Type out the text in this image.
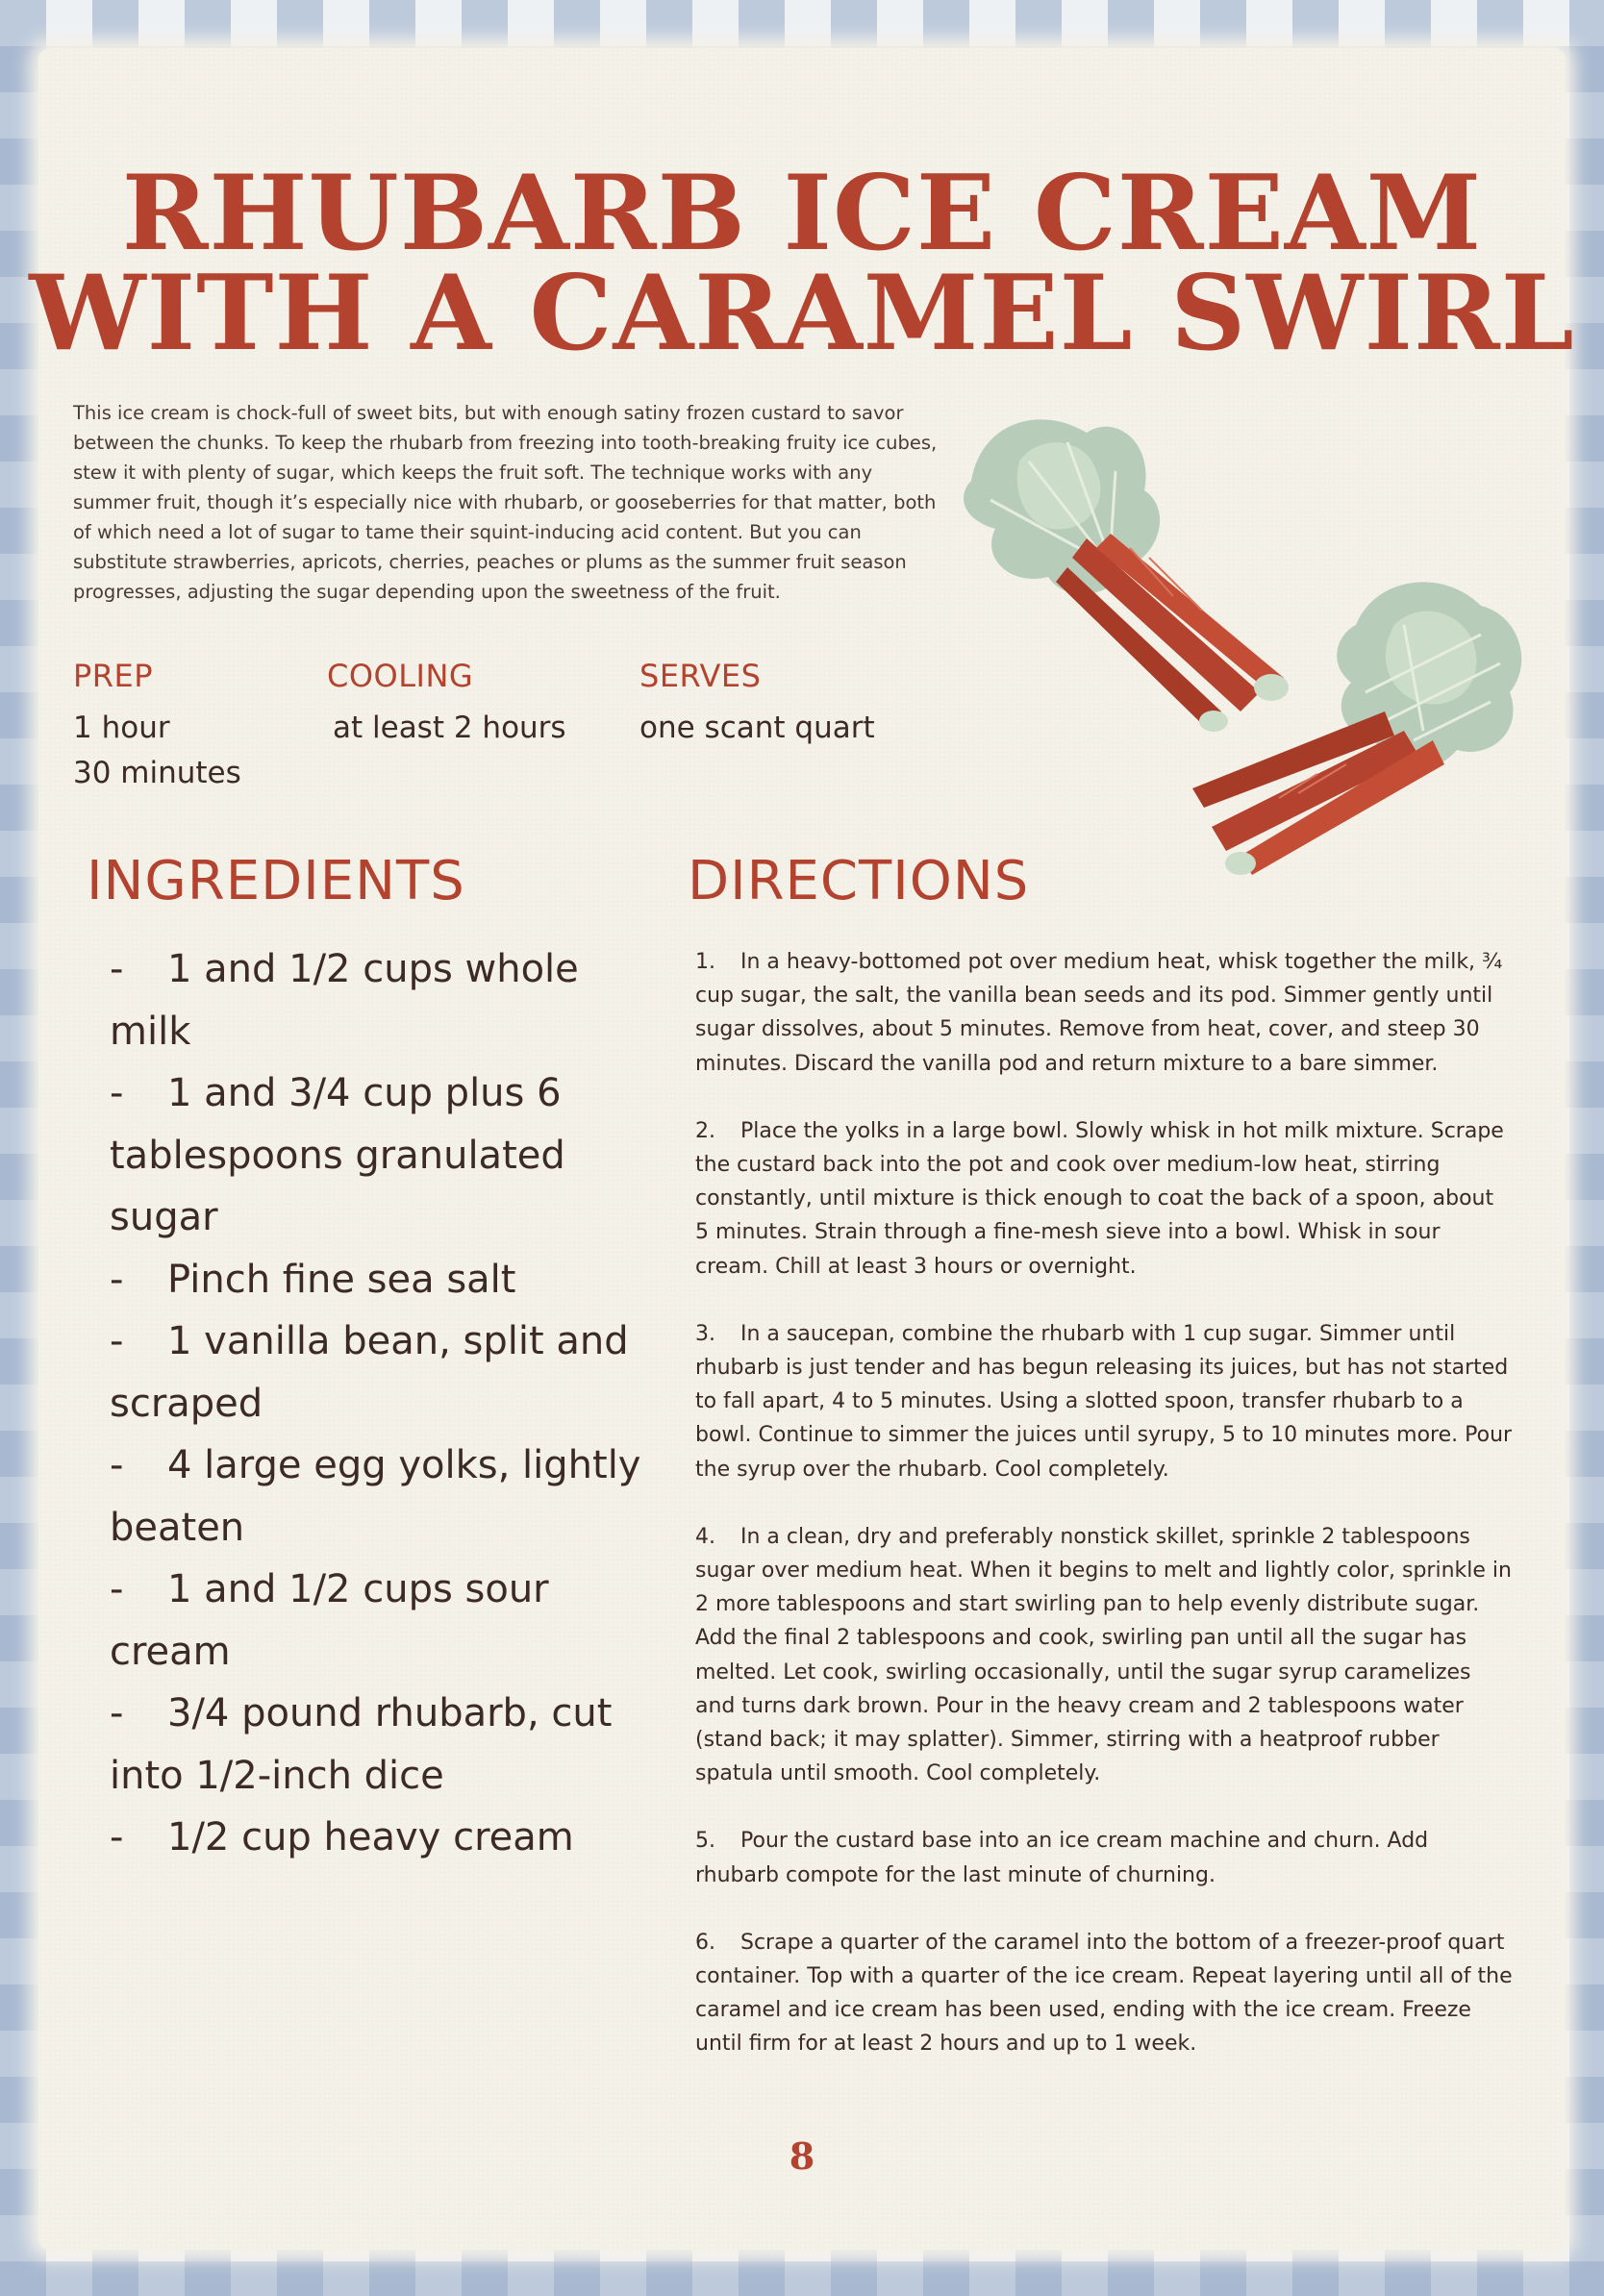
RHUBARB ICE CREAM
WITH A CARAMEL SWIRL

This ice cream is chock-full of sweet bits, but with enough satiny frozen custard to savor between the chunks. To keep the rhubarb from freezing into tooth-breaking fruity ice cubes, stew it with plenty of sugar, which keeps the fruit soft. The technique works with any summer fruit, though it’s especially nice with rhubarb, or gooseberries for that matter, both of which need a lot of sugar to tame their squint-inducing acid content. But you can substitute strawberries, apricots, cherries, peaches or plums as the summer fruit season progresses, adjusting the sugar depending upon the sweetness of the fruit.

PREP

1 hour
30 minutes

COOLING

at least 2 hours

SERVES

one scant quart
INGREDIENTS
- 1 and 1/2 cups whole milk
- 1 and 3/4 cup plus 6 tablespoons granulated sugar
- Pinch fine sea salt
- 1 vanilla bean, split and scraped
- 4 large egg yolks, lightly beaten
- 1 and 1/2 cups sour cream
- 3/4 pound rhubarb, cut into 1/2-inch dice
- 1/2 cup heavy cream
DIRECTIONS

1. In a heavy-bottomed pot over medium heat, whisk together the milk, ¾ cup sugar, the salt, the vanilla bean seeds and its pod. Simmer gently until sugar dissolves, about 5 minutes. Remove from heat, cover, and steep 30 minutes. Discard the vanilla pod and return mixture to a bare simmer.

2. Place the yolks in a large bowl. Slowly whisk in hot milk mixture. Scrape the custard back into the pot and cook over medium-low heat, stirring constantly, until mixture is thick enough to coat the back of a spoon, about 5 minutes. Strain through a fine-mesh sieve into a bowl. Whisk in sour cream. Chill at least 3 hours or overnight.

3. In a saucepan, combine the rhubarb with 1 cup sugar. Simmer until rhubarb is just tender and has begun releasing its juices, but has not started to fall apart, 4 to 5 minutes. Using a slotted spoon, transfer rhubarb to a bowl. Continue to simmer the juices until syrupy, 5 to 10 minutes more. Pour the syrup over the rhubarb. Cool completely.

4. In a clean, dry and preferably nonstick skillet, sprinkle 2 tablespoons sugar over medium heat. When it begins to melt and lightly color, sprinkle in 2 more tablespoons and start swirling pan to help evenly distribute sugar. Add the final 2 tablespoons and cook, swirling pan until all the sugar has melted. Let cook, swirling occasionally, until the sugar syrup caramelizes and turns dark brown. Pour in the heavy cream and 2 tablespoons water (stand back; it may splatter). Simmer, stirring with a heatproof rubber spatula until smooth. Cool completely.

5. Pour the custard base into an ice cream machine and churn. Add rhubarb compote for the last minute of churning.

6. Scrape a quarter of the caramel into the bottom of a freezer-proof quart container. Top with a quarter of the ice cream. Repeat layering until all of the caramel and ice cream has been used, ending with the ice cream. Freeze until firm for at least 2 hours and up to 1 week.

8
